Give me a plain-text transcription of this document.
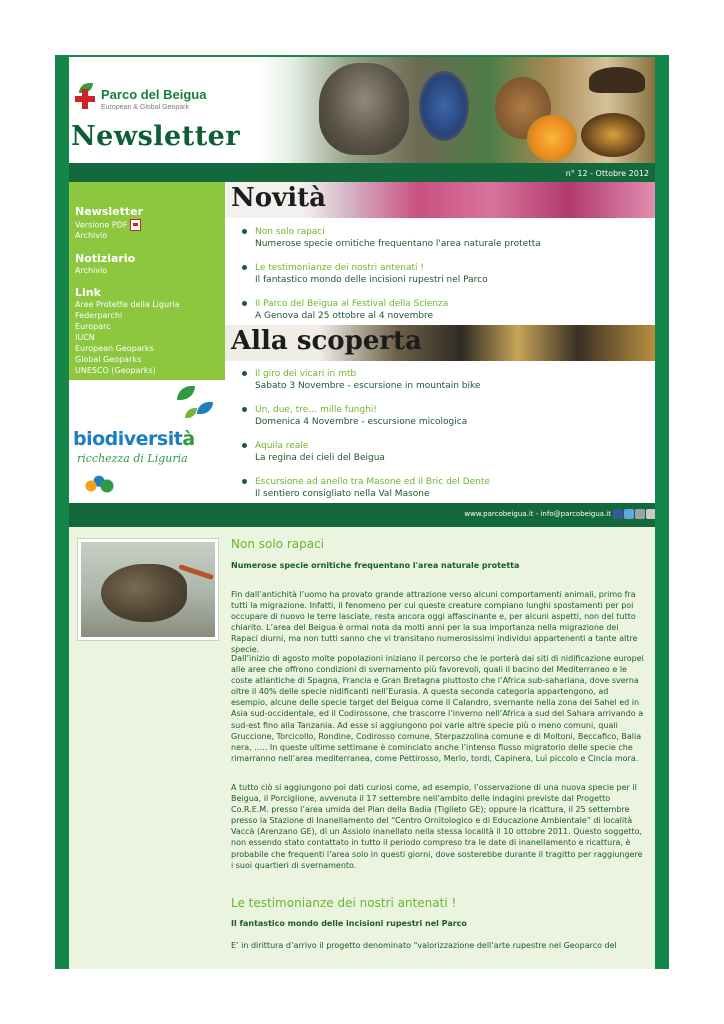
Parco del Beigua
European & Global Geopark
Newsletter
n° 12 - Ottobre 2012
Newsletter
Versione PDF
Archivio
Notiziario
Archivio
Link
Aree Protette della Liguria
Federparchi
Europarc
IUCN
European Geoparks
Global Geoparks
UNESCO (Geoparks)
biodiversità
ricchezza di Liguria
Novità
Non solo rapaci
Numerose specie ornitiche frequentano l'area naturale protetta
Le testimonianze dei nostri antenati !
Il fantastico mondo delle incisioni rupestri nel Parco
Il Parco del Beigua al Festival della Scienza
A Genova dal 25 ottobre al 4 novembre
Alla scoperta
Il giro dei vicari in mtb
Sabato 3 Novembre - escursione in mountain bike
Un, due, tre… mille funghi!
Domenica 4 Novembre - escursione micologica
Aquila reale
La regina dei cieli del Beigua
Escursione ad anello tra Masone ed il Bric del Dente
Il sentiero consigliato nella Val Masone
www.parcobeigua.it - info@parcobeigua.it
Non solo rapaci
Numerose specie ornitiche frequentano l'area naturale protetta

Fin dall’antichità l’uomo ha provato grande attrazione verso alcuni comportamenti animali, primo fra tutti la migrazione. Infatti, il fenomeno per cui queste creature compiano lunghi spostamenti per poi occupare di nuovo le terre lasciate, resta ancora oggi affascinante e, per alcuni aspetti, non del tutto chiarito. L’area del Beigua è ormai nota da molti anni per la sua importanza nella migrazione dei Rapaci diurni, ma non tutti sanno che vi transitano numerosissimi individui appartenenti a tante altre specie.

Dall’inizio di agosto molte popolazioni iniziano il percorso che le porterà dai siti di nidificazione europei alle aree che offrono condizioni di svernamento più favorevoli, quali il bacino del Mediterraneo e le coste atlantiche di Spagna, Francia e Gran Bretagna piuttosto che l’Africa sub-sahariana, dove sverna oltre il 40% delle specie nidificanti nell’Eurasia. A questa seconda categoria appartengono, ad esempio, alcune delle specie target del Beigua come il Calandro, svernante nella zona del Sahel ed in Asia sud-occidentale, ed il Codirossone, che trascorre l’inverno nell’Africa a sud del Sahara arrivando a sud-est fino alla Tanzania. Ad esse si aggiungono poi varie altre specie più o meno comuni, quali Gruccione, Torcicollo, Rondine, Codirosso comune, Sterpazzolina comune e di Moltoni, Beccafico, Balia nera, ….. In queste ultime settimane è cominciato anche l’intenso flusso migratorio delle specie che rimarranno nell’area mediterranea, come Pettirosso, Merlo, tordi, Capinera, Luì piccolo e Cincia mora.

A tutto ciò si aggiungono poi dati curiosi come, ad esempio, l’osservazione di una nuova specie per il Beigua, il Porciglione, avvenuta il 17 settembre nell’ambito delle indagini previste dal Progetto Co.R.E.M. presso l’area umida del Pian della Badia (Tiglieto GE); oppure la ricattura, il 25 settembre presso la Stazione di Inanellamento del “Centro Ornitologico e di Educazione Ambientale” di località Vaccà (Arenzano GE), di un Assiolo inanellato nella stessa località il 10 ottobre 2011. Questo soggetto, non essendo stato contattato in tutto il periodo compreso tra le date di inanellamento e ricattura, è probabile che frequenti l’area solo in questi giorni, dove sosterebbe durante il tragitto per raggiungere i suoi quartieri di svernamento.

Le testimonianze dei nostri antenati !
Il fantastico mondo delle incisioni rupestri nel Parco

E’ in dirittura d’arrivo il progetto denominato “valorizzazione dell’arte rupestre nel Geoparco del
